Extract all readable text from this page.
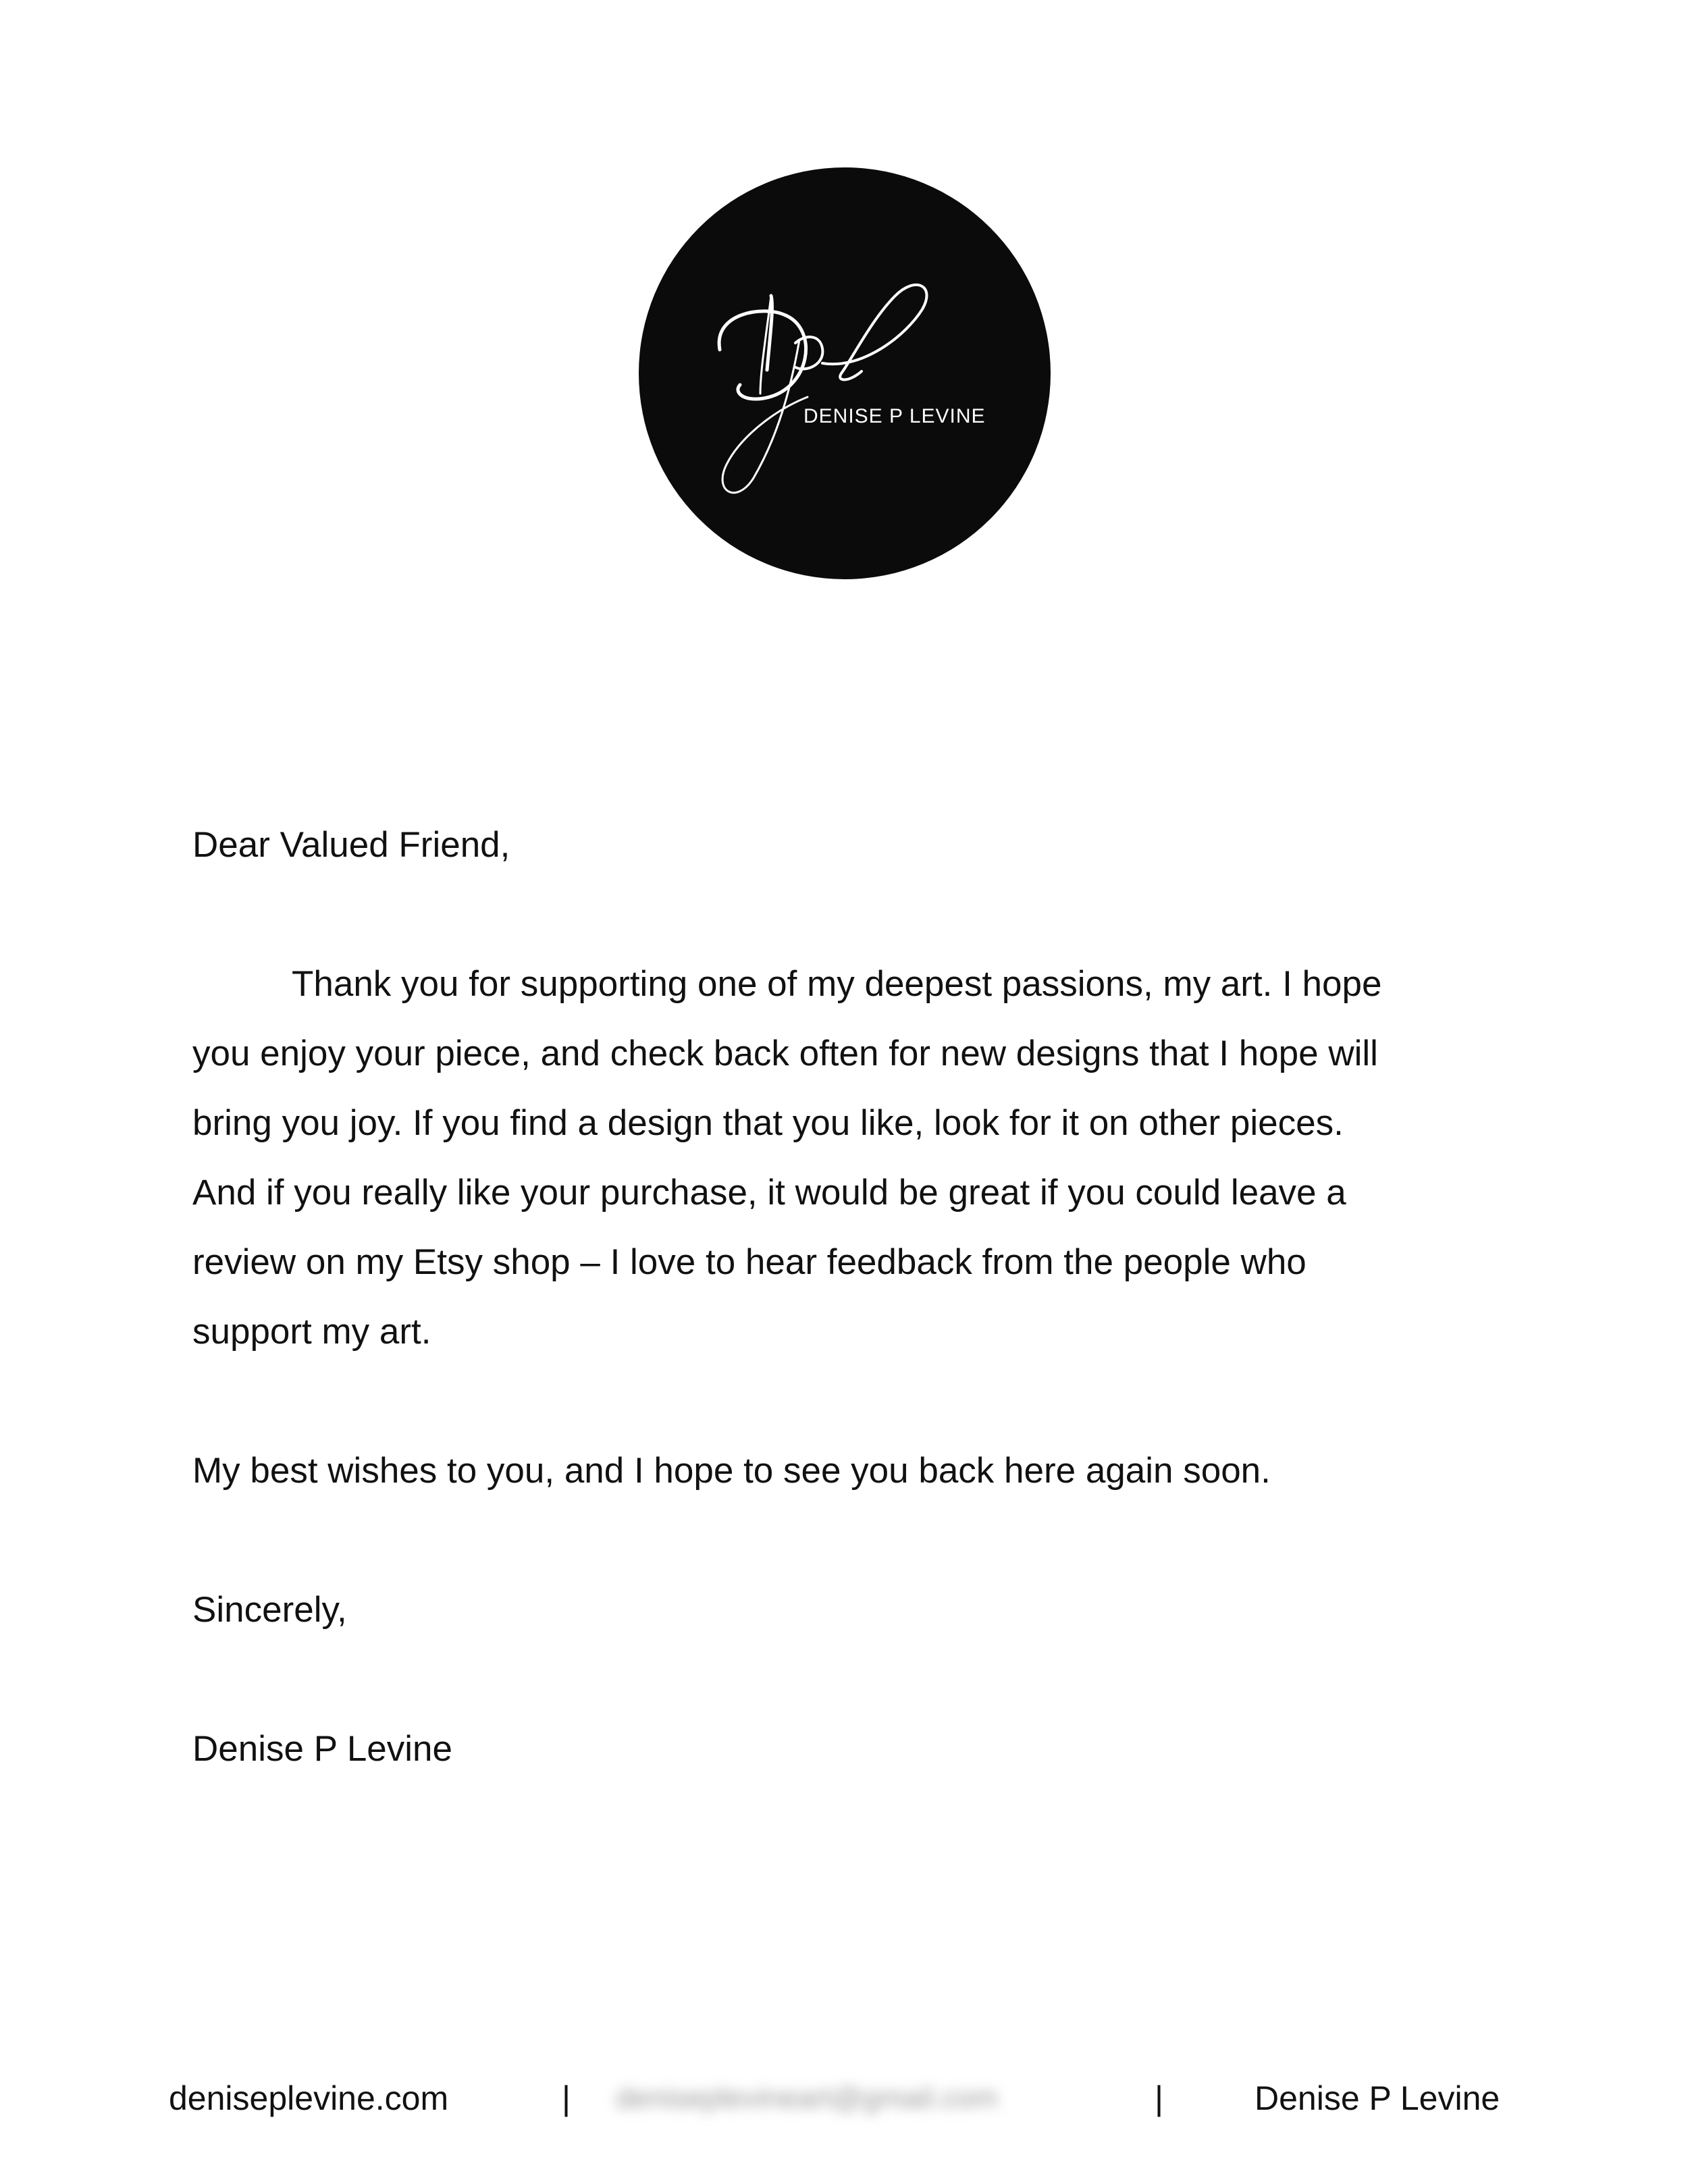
DENISE P LEVINE

Dear Valued Friend,

Thank you for supporting one of my deepest passions, my art. I hope

you enjoy your piece, and check back often for new designs that I hope will

bring you joy. If you find a design that you like, look for it on other pieces.

And if you really like your purchase, it would be great if you could leave a

review on my Etsy shop – I love to hear feedback from the people who

support my art.

My best wishes to you, and I hope to see you back here again soon.

Sincerely,

Denise P Levine

deniseplevine.com	| deniseplevineart@gmail.com	|	Denise P Levine
